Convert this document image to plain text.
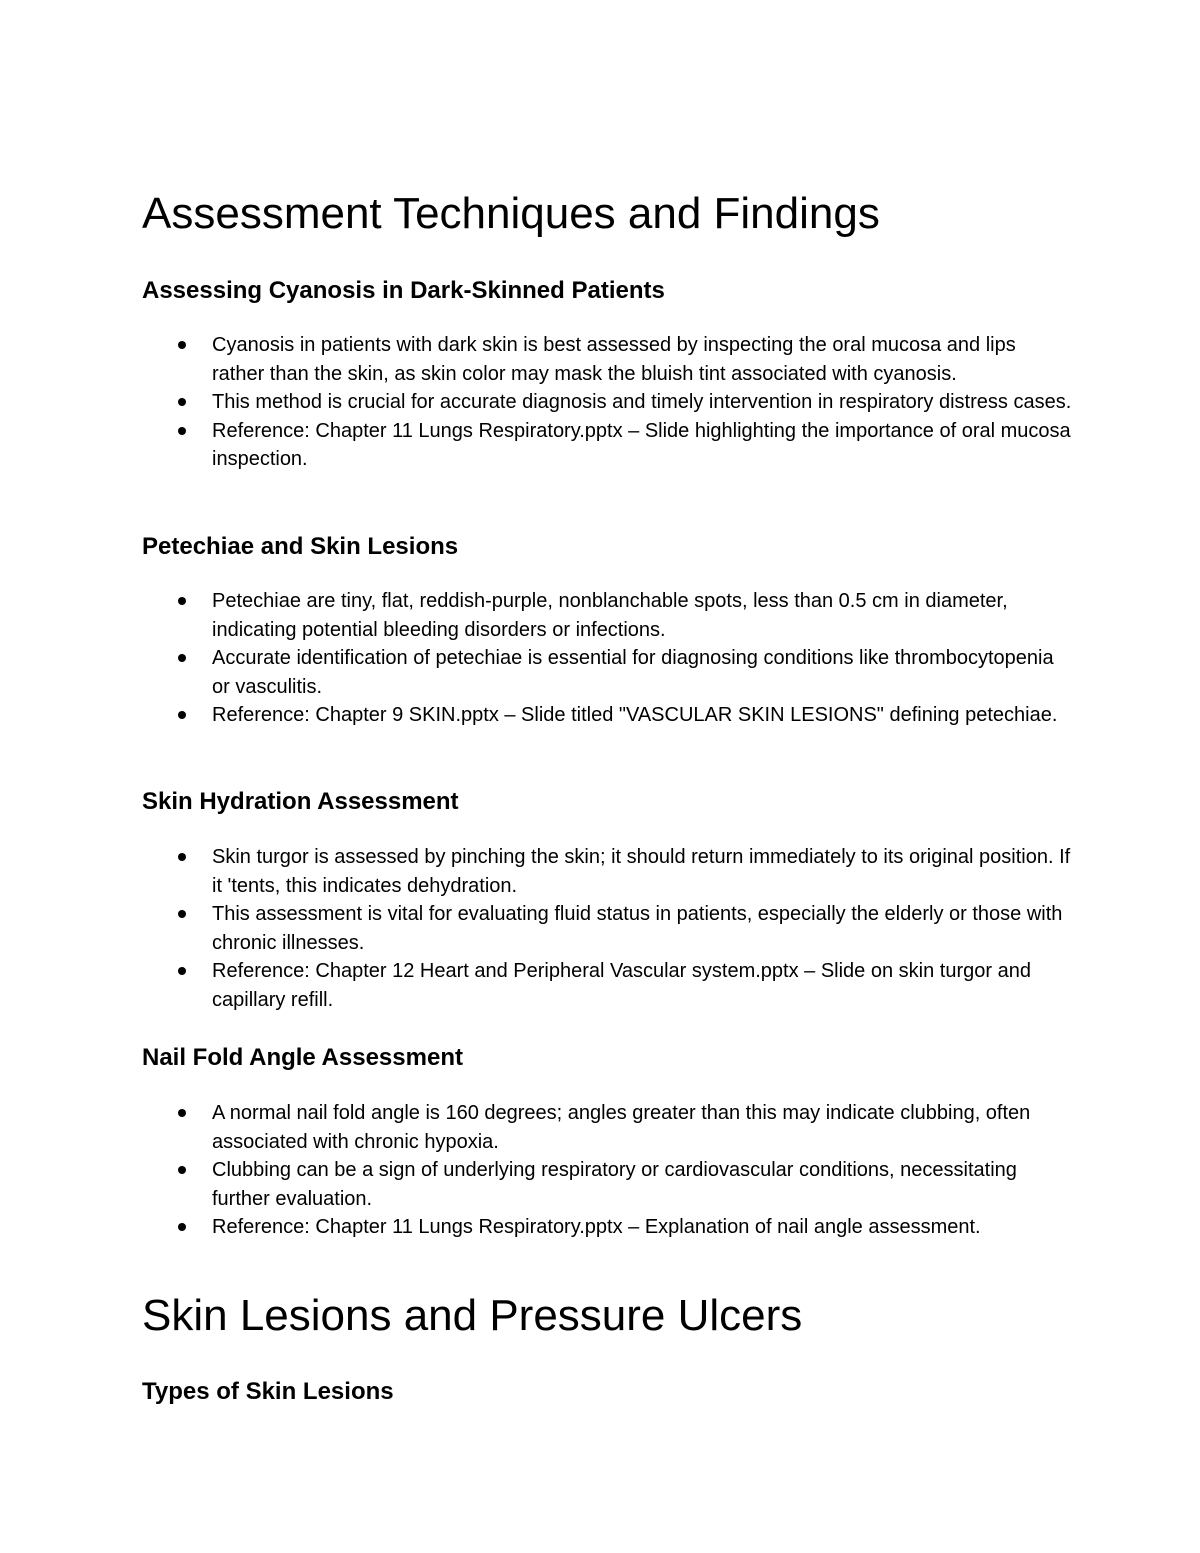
Assessment Techniques and Findings
Assessing Cyanosis in Dark-Skinned Patients
Cyanosis in patients with dark skin is best assessed by inspecting the oral mucosa and lips rather than the skin, as skin color may mask the bluish tint associated with cyanosis.
This method is crucial for accurate diagnosis and timely intervention in respiratory distress cases.
Reference: Chapter 11 Lungs Respiratory.pptx – Slide highlighting the importance of oral mucosa inspection.
Petechiae and Skin Lesions
Petechiae are tiny, flat, reddish-purple, nonblanchable spots, less than 0.5 cm in diameter, indicating potential bleeding disorders or infections.
Accurate identification of petechiae is essential for diagnosing conditions like thrombocytopenia or vasculitis.
Reference: Chapter 9 SKIN.pptx – Slide titled "VASCULAR SKIN LESIONS" defining petechiae.
Skin Hydration Assessment
Skin turgor is assessed by pinching the skin; it should return immediately to its original position. If it 'tents, this indicates dehydration.
This assessment is vital for evaluating fluid status in patients, especially the elderly or those with chronic illnesses.
Reference: Chapter 12 Heart and Peripheral Vascular system.pptx – Slide on skin turgor and capillary refill.
Nail Fold Angle Assessment
A normal nail fold angle is 160 degrees; angles greater than this may indicate clubbing, often associated with chronic hypoxia.
Clubbing can be a sign of underlying respiratory or cardiovascular conditions, necessitating further evaluation.
Reference: Chapter 11 Lungs Respiratory.pptx – Explanation of nail angle assessment.
Skin Lesions and Pressure Ulcers
Types of Skin Lesions
